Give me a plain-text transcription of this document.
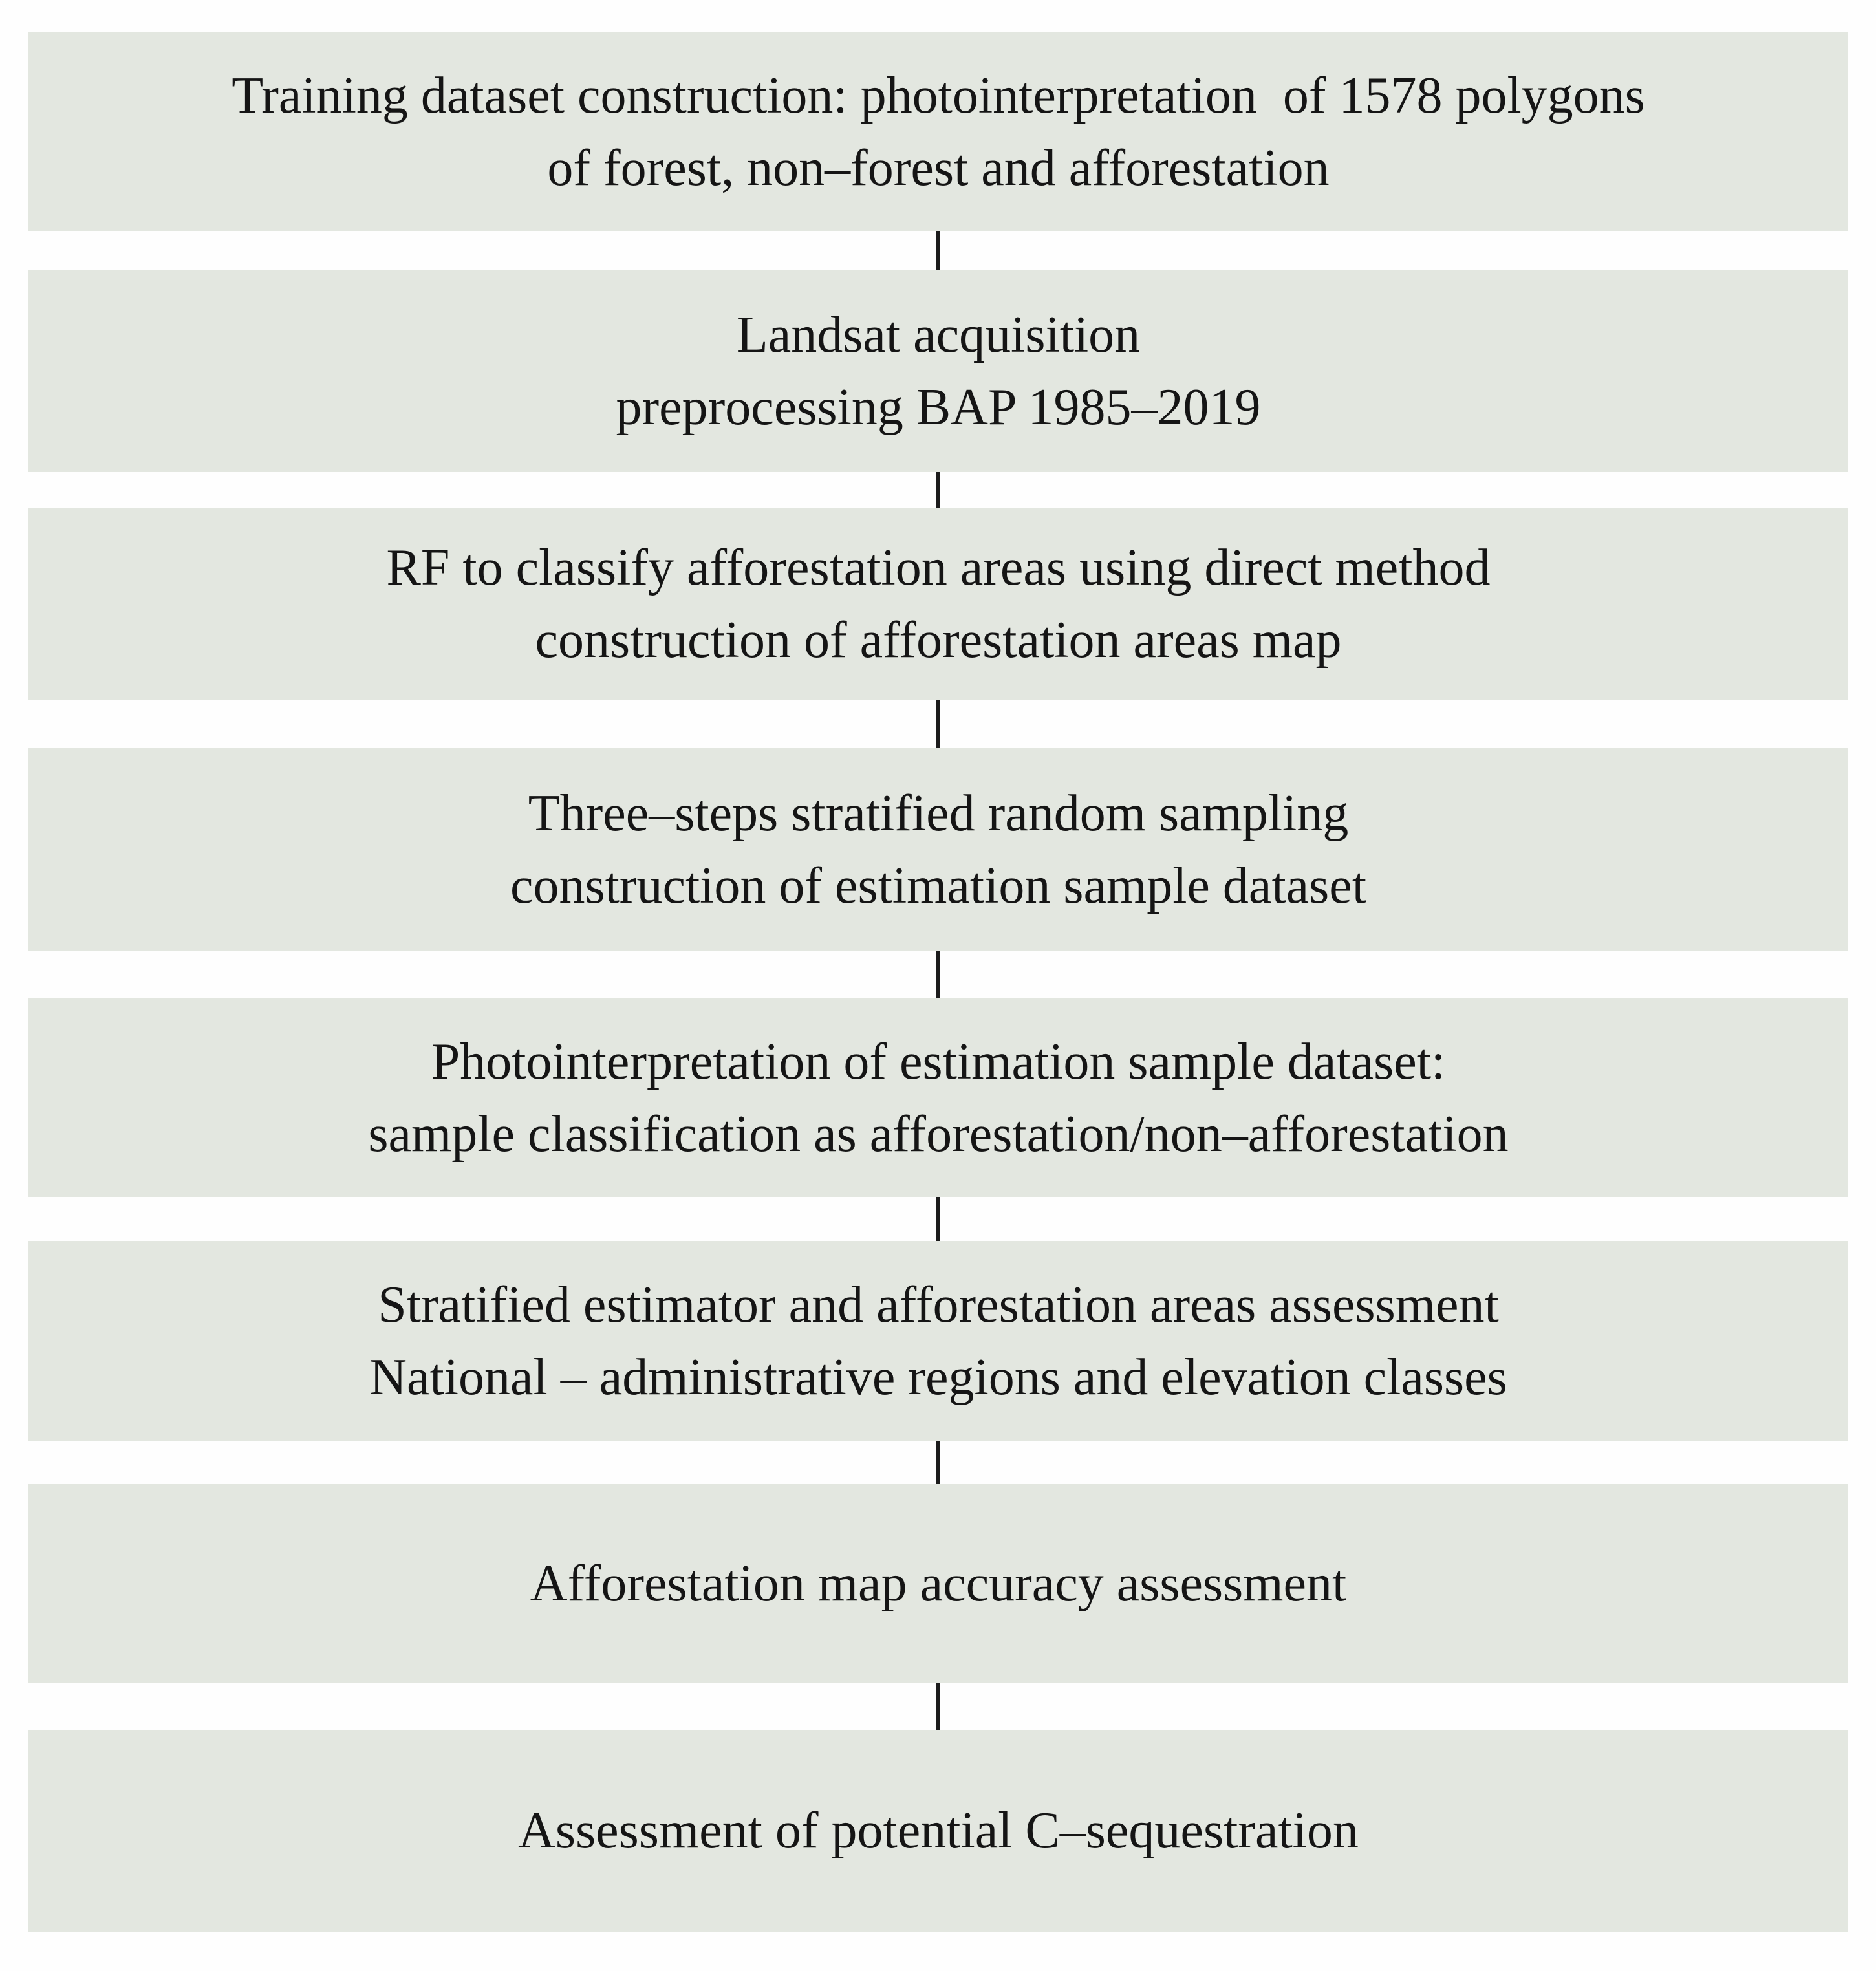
Training dataset construction: photointerpretation  of 1578 polygons
of forest, non–forest and afforestation
Landsat acquisition
preprocessing BAP 1985–2019
RF to classify afforestation areas using direct method
construction of afforestation areas map
Three–steps stratified random sampling
construction of estimation sample dataset
Photointerpretation of estimation sample dataset:
sample classification as afforestation/non–afforestation
Stratified estimator and afforestation areas assessment
National – administrative regions and elevation classes
Afforestation map accuracy assessment
Assessment of potential C–sequestration
